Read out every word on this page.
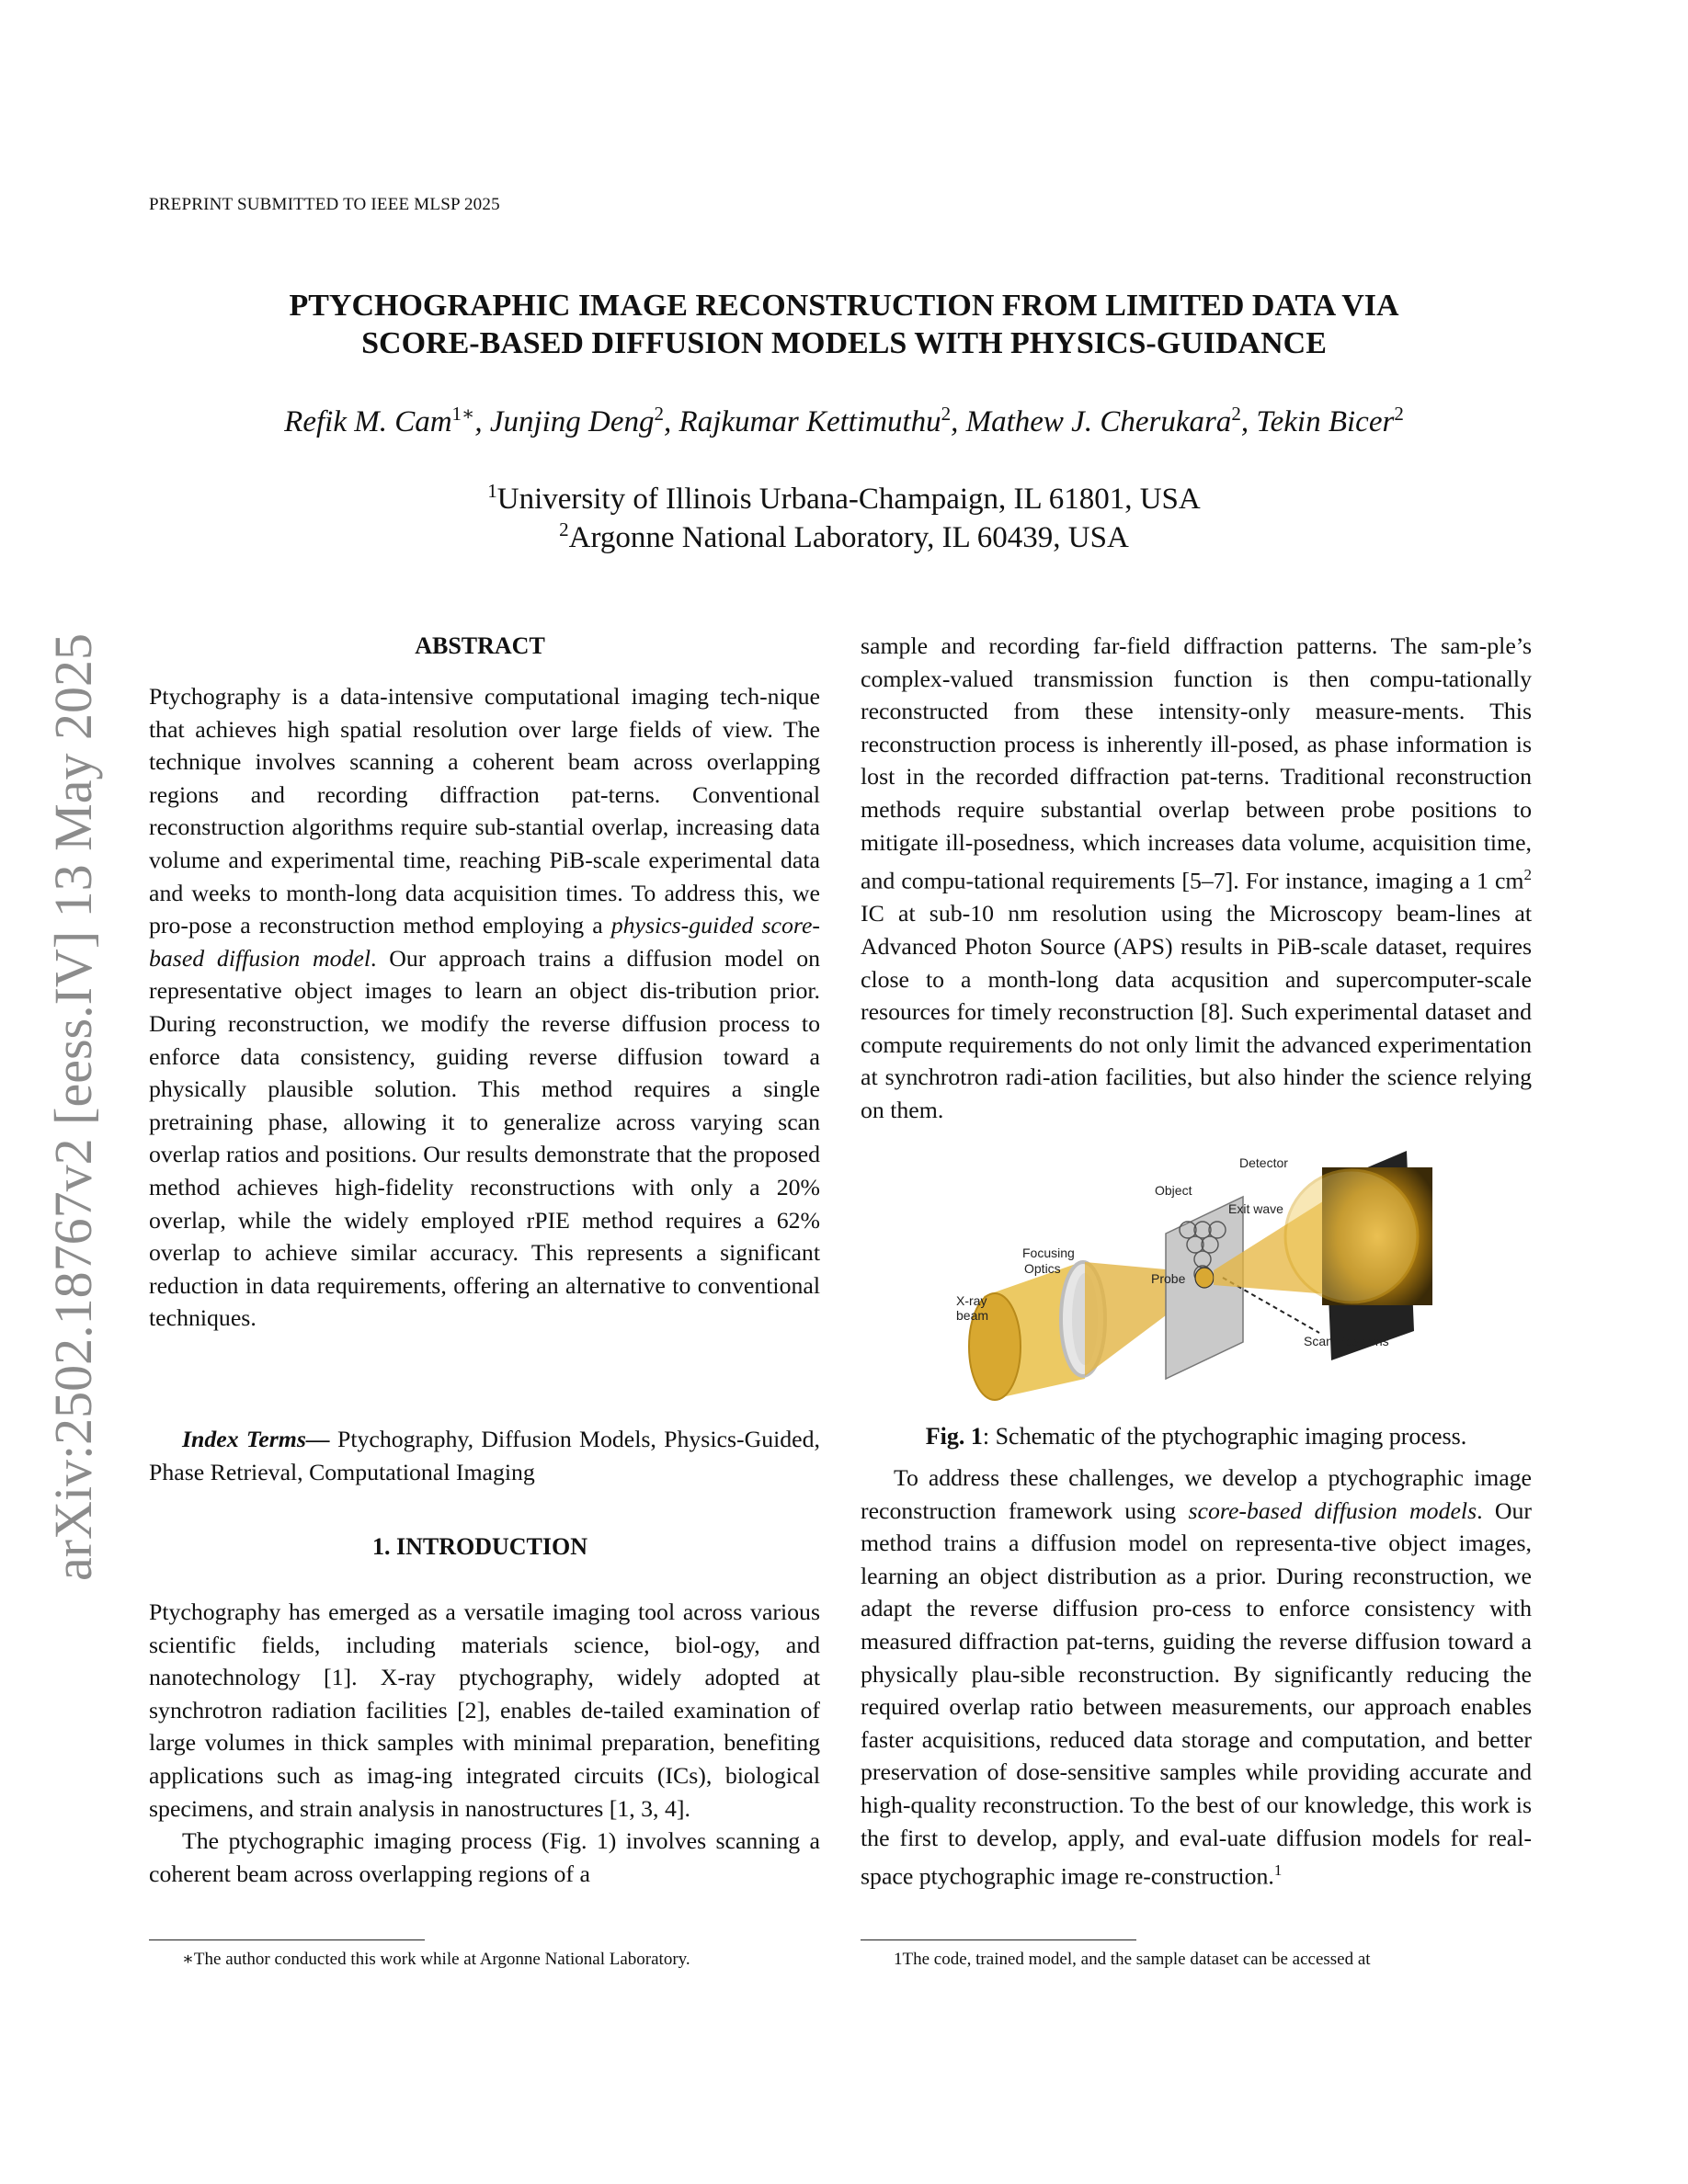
PREPRINT SUBMITTED TO IEEE MLSP 2025
PTYCHOGRAPHIC IMAGE RECONSTRUCTION FROM LIMITED DATA VIA
SCORE-BASED DIFFUSION MODELS WITH PHYSICS-GUIDANCE
Refik M. Cam$^{1∗}$, Junjing Deng$^2$, Rajkumar Kettimuthu$^2$, Mathew J. Cherukara$^2$, Tekin Bicer$^2$
$^1$University of Illinois Urbana-Champaign, IL 61801, USA
$^2$Argonne National Laboratory, IL 60439, USA
arXiv:2502.18767v2 [eess.IV] 13 May 2025	ABSTRACT

Ptychography is a data-intensive computational imaging tech-nique that achieves high spatial resolution over large fields of view. The technique involves scanning a coherent beam across overlapping regions and recording diffraction pat-terns. Conventional reconstruction algorithms require sub-stantial overlap, increasing data volume and experimental time, reaching PiB-scale experimental data and weeks to month-long data acquisition times. To address this, we pro-pose a reconstruction method employing a physics-guided score-based diffusion model. Our approach trains a diffusion model on representative object images to learn an object dis-tribution prior. During reconstruction, we modify the reverse diffusion process to enforce data consistency, guiding reverse diffusion toward a physically plausible solution. This method requires a single pretraining phase, allowing it to generalize across varying scan overlap ratios and positions. Our results demonstrate that the proposed method achieves high-fidelity reconstructions with only a 20% overlap, while the widely employed rPIE method requires a 62% overlap to achieve similar accuracy. This represents a significant reduction in data requirements, offering an alternative to conventional techniques.

Index Terms— Ptychography, Diffusion Models, Physics-Guided, Phase Retrieval, Computational Imaging

1. INTRODUCTION

Ptychography has emerged as a versatile imaging tool across various scientific fields, including materials science, biol-ogy, and nanotechnology [1]. X-ray ptychography, widely adopted at synchrotron radiation facilities [2], enables de-tailed examination of large volumes in thick samples with minimal preparation, benefiting applications such as imag-ing integrated circuits (ICs), biological specimens, and strain analysis in nanostructures [1, 3, 4].

The ptychographic imaging process (Fig. 1) involves scanning a coherent beam across overlapping regions of a

∗The author conducted this work while at Argonne National Laboratory.

sample and recording far-field diffraction patterns. The sam-ple’s complex-valued transmission function is then compu-tationally reconstructed from these intensity-only measure-ments. This reconstruction process is inherently ill-posed, as phase information is lost in the recorded diffraction pat-terns. Traditional reconstruction methods require substantial overlap between probe positions to mitigate ill-posedness, which increases data volume, acquisition time, and compu-tational requirements [5–7]. For instance, imaging a 1 $cm^2$ IC at sub-10 nm resolution using the Microscopy beam-lines at Advanced Photon Source (APS) results in PiB-scale dataset, requires close to a month-long data acqusition and supercomputer-scale resources for timely reconstruction [8]. Such experimental dataset and compute requirements do not only limit the advanced experimentation at synchrotron radi-ation facilities, but also hinder the science relying on them.

X-ray
beam
Focusing
Optics
Probe
Object
Detector
Exit wave
Scan Positions
Fig. 1: Schematic of the ptychographic imaging process.

To address these challenges, we develop a ptychographic image reconstruction framework using score-based diffusion models. Our method trains a diffusion model on representa-tive object images, learning an object distribution as a prior. During reconstruction, we adapt the reverse diffusion pro-cess to enforce consistency with measured diffraction pat-terns, guiding the reverse diffusion toward a physically plau-sible reconstruction. By significantly reducing the required overlap ratio between measurements, our approach enables faster acquisitions, reduced data storage and computation, and better preservation of dose-sensitive samples while providing accurate and high-quality reconstruction. To the best of our knowledge, this work is the first to develop, apply, and eval-uate diffusion models for real-space ptychographic image re-construction.$^1$

1The code, trained model, and the sample dataset can be accessed at
